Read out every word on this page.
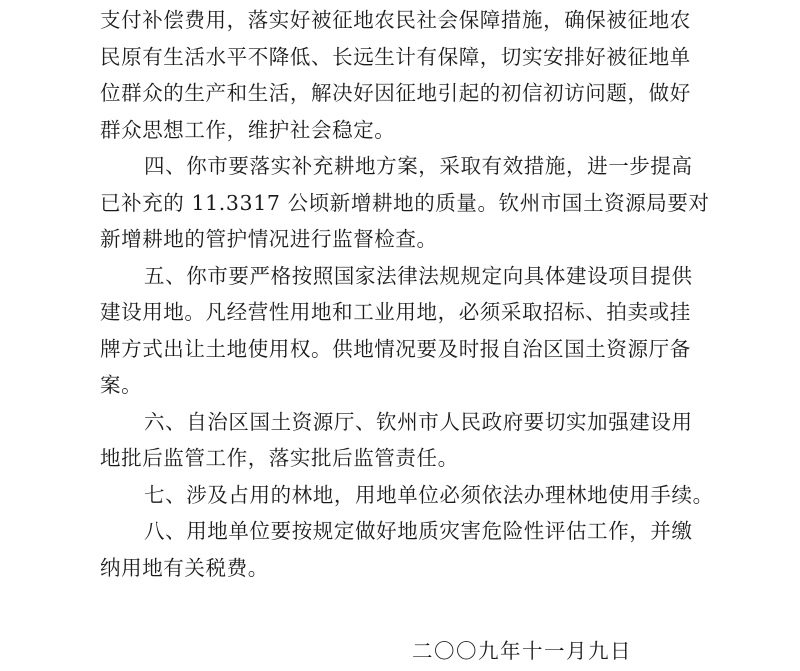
支付补偿费用，落实好被征地农民社会保障措施，确保被征地农
民原有生活水平不降低、长远生计有保障，切实安排好被征地单
位群众的生产和生活，解决好因征地引起的初信初访问题，做好
群众思想工作，维护社会稳定。
四、你市要落实补充耕地方案，采取有效措施，进一步提高
已补充的 11.3317 公顷新增耕地的质量。钦州市国土资源局要对
新增耕地的管护情况进行监督检查。
五、你市要严格按照国家法律法规规定向具体建设项目提供
建设用地。凡经营性用地和工业用地，必须采取招标、拍卖或挂
牌方式出让土地使用权。供地情况要及时报自治区国土资源厅备
案。
六、自治区国土资源厅、钦州市人民政府要切实加强建设用
地批后监管工作，落实批后监管责任。
七、涉及占用的林地，用地单位必须依法办理林地使用手续。
八、用地单位要按规定做好地质灾害危险性评估工作，并缴
纳用地有关税费。
二〇〇九年十一月九日
